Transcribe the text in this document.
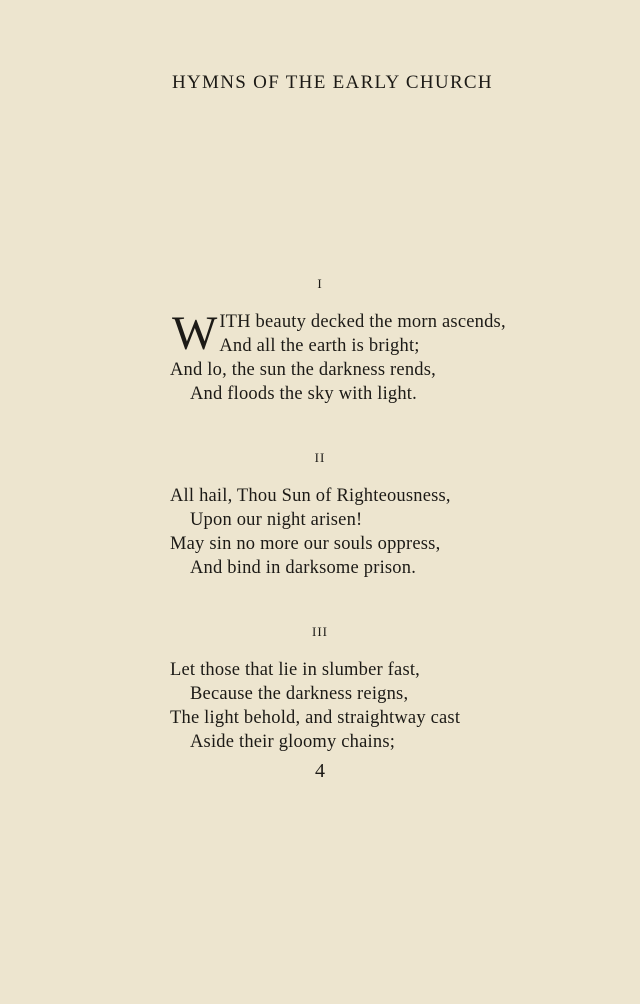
HYMNS OF THE EARLY CHURCH
I
W ITH beauty decked the morn ascends,
And all the earth is bright;
And lo, the sun the darkness rends,
And floods the sky with light.
II
All hail, Thou Sun of Righteousness,
Upon our night arisen!
May sin no more our souls oppress,
And bind in darksome prison.
III
Let those that lie in slumber fast,
Because the darkness reigns,
The light behold, and straightway cast
Aside their gloomy chains;
4
